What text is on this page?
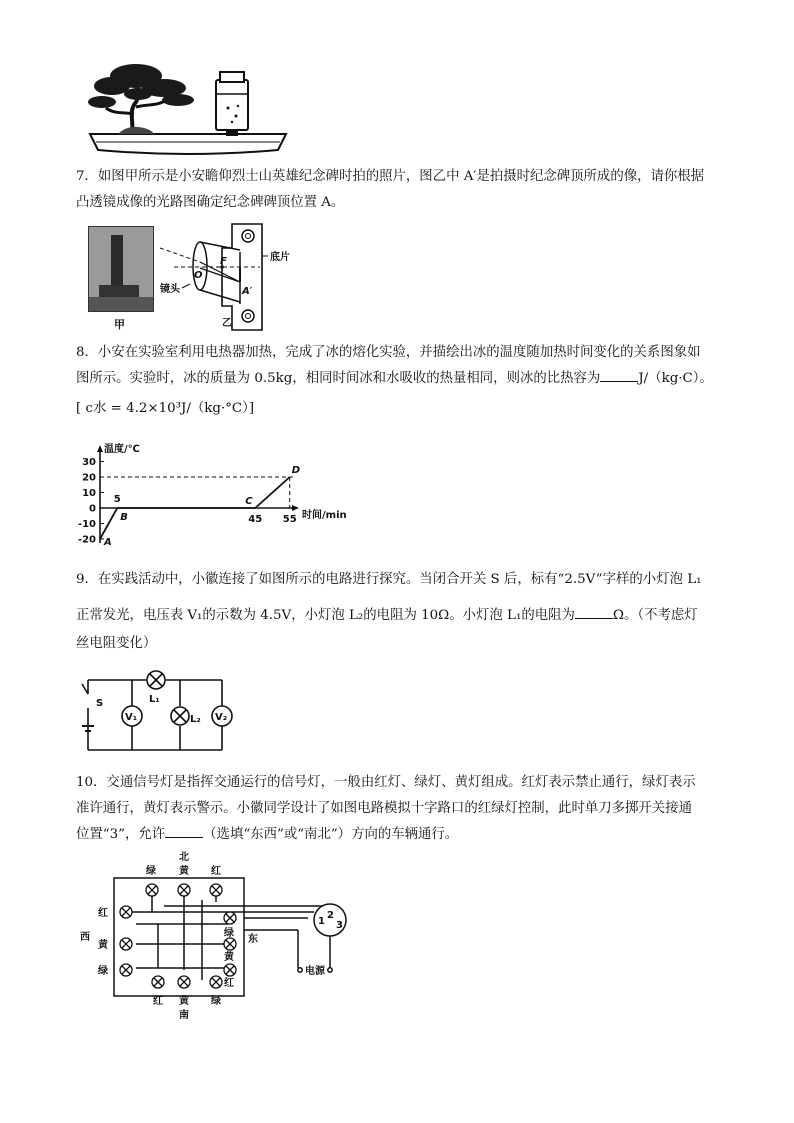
7．如图甲所示是小安瞻仰烈士山英雄纪念碑时拍的照片，图乙中 A′是拍摄时纪念碑顶所成的像，请你根据
凸透镜成像的光路图确定纪念碑碑顶位置 A。
甲
底片
F
O
A′
镜头
乙
8．小安在实验室利用电热器加热，完成了冰的熔化实验，并描绘出冰的温度随加热时间变化的关系图象如
图所示。实验时，冰的质量为 0.5kg，相同时间冰和水吸收的热量相同，则冰的比热容为	J/（kg·C）。
[ c水 = 4.2×10³J/（kg·°C）]
温度/℃
时间/min
30
20
10
0
-10
-20
5
45 55
A
B
C
D
9．在实践活动中，小徽连接了如图所示的电路进行探究。当闭合开关 S 后，标有“2.5V”字样的小灯泡 L₁
正常发光，电压表 V₁的示数为 4.5V，小灯泡 L₂的电阻为 10Ω。小灯泡 L₁的电阻为	Ω。（不考虑灯
丝电阻变化）
S	L₁
V₁	L₂ V₂
10．交通信号灯是指挥交通运行的信号灯，一般由红灯、绿灯、黄灯组成。红灯表示禁止通行，绿灯表示
准许通行，黄灯表示警示。小徽同学设计了如图电路模拟十字路口的红绿灯控制，此时单刀多掷开关接通
位置“3”，允许	（选填“东西”或“南北”）方向的车辆通行。
北
绿 黄 红
红
西
黄
绿
绿
东
黄
红
红 黄
南
绿
电源
1
2
3
